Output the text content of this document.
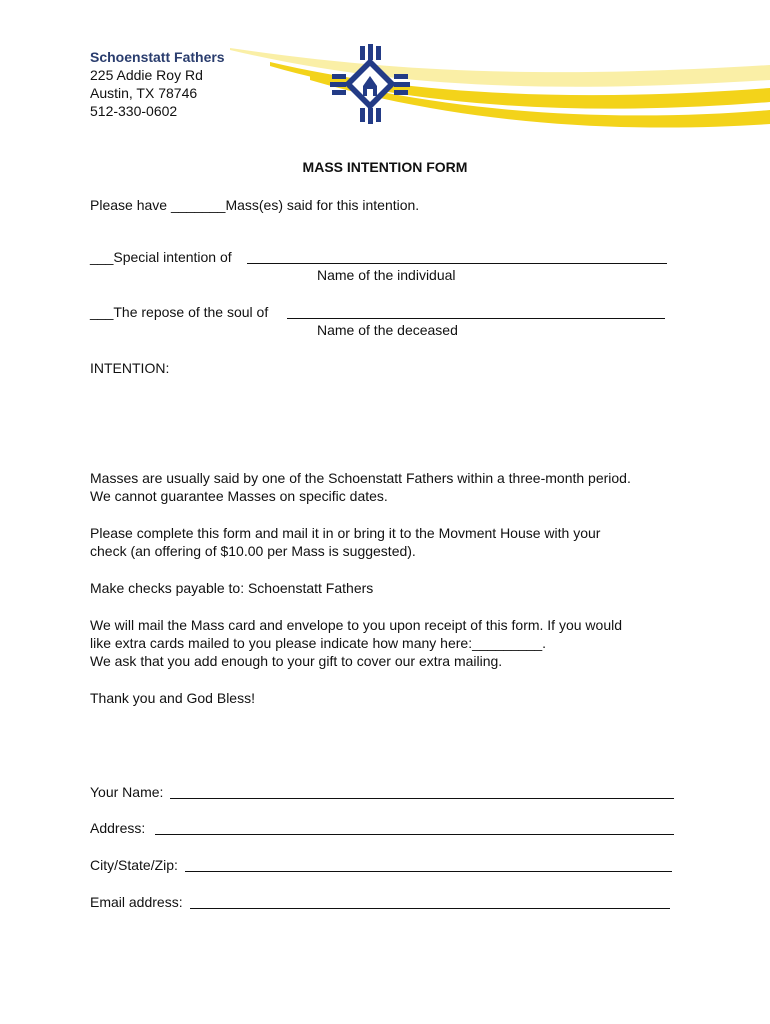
Schoenstatt Fathers
225 Addie Roy Rd
Austin, TX 78746
512-330-0602
MASS INTENTION FORM
Please have _______Mass(es) said for this intention.
___Special intention of
Name of the individual
___The repose of the soul of
Name of the deceased
INTENTION:
Masses are usually said by one of the Schoenstatt Fathers within a three-month period.
We cannot guarantee Masses on specific dates.
Please complete this form and mail it in or bring it to the Movment House with your
check (an offering of $10.00 per Mass is suggested).
Make checks payable to: Schoenstatt Fathers
We will mail the Mass card and envelope to you upon receipt of this form. If you would
like extra cards mailed to you please indicate how many here:_________.
We ask that you add enough to your gift to cover our extra mailing.
Thank you and God Bless!
Your Name:
Address:
City/State/Zip:
Email address:
